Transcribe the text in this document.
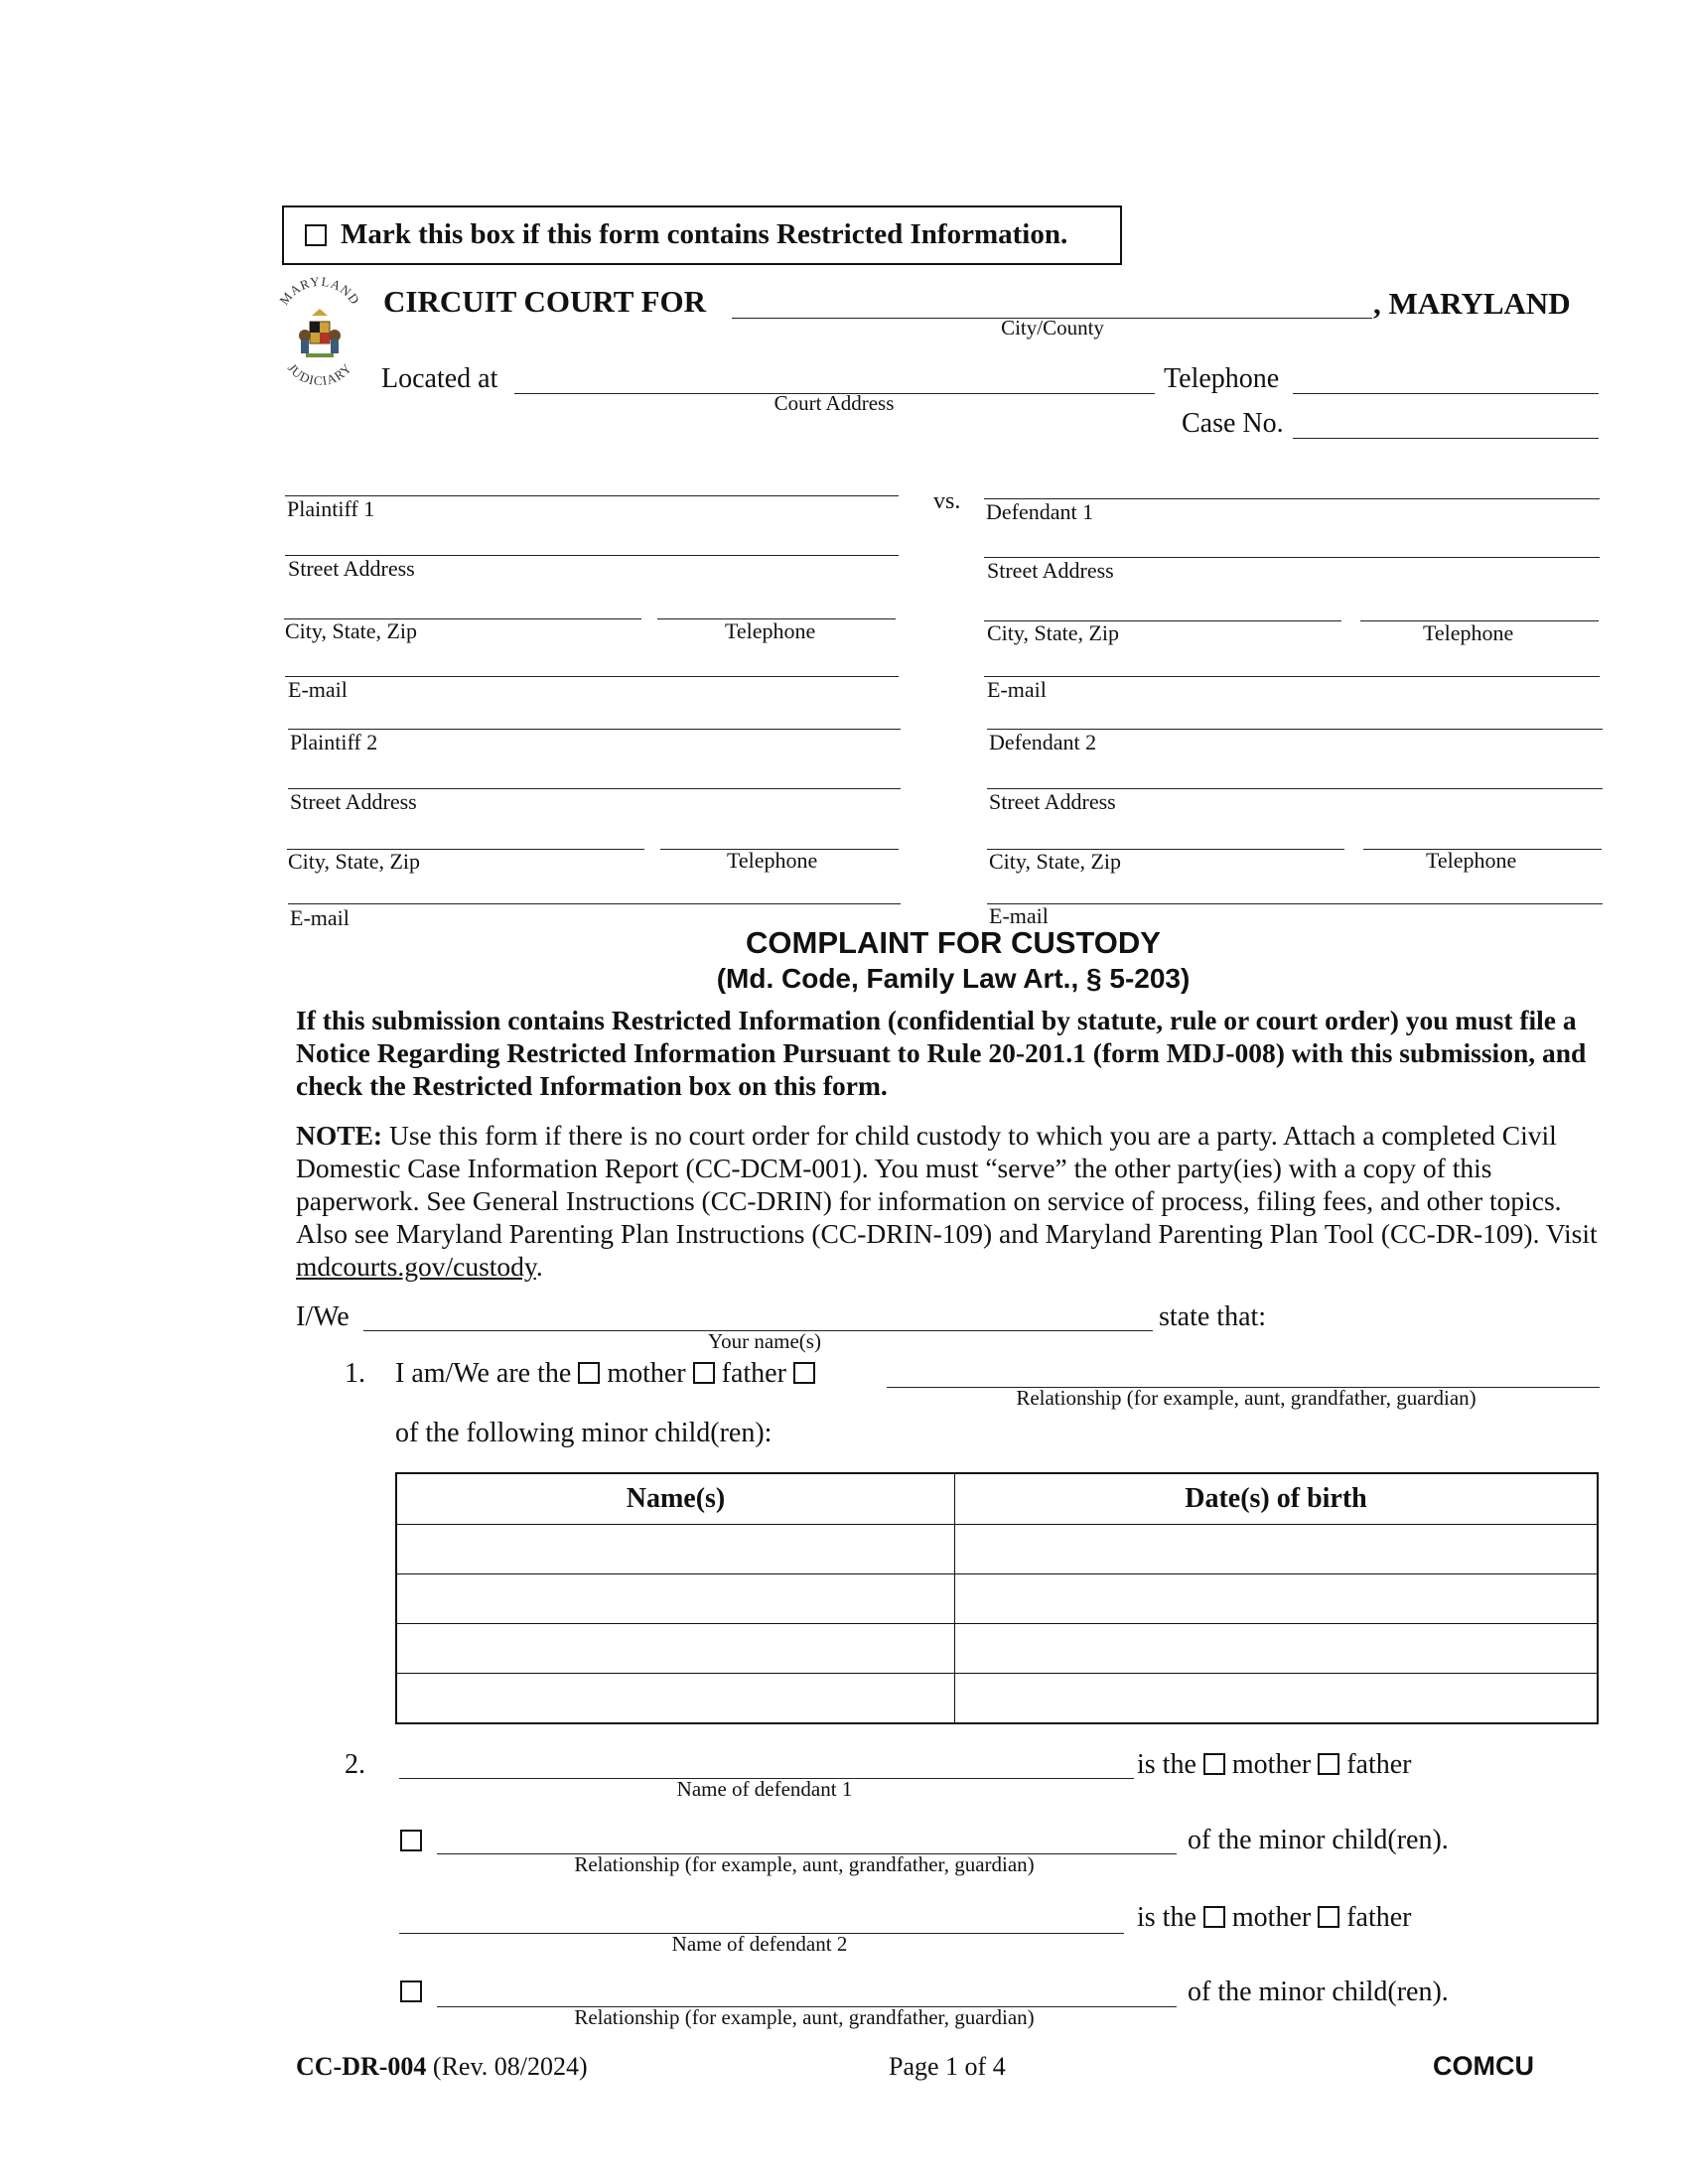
Mark this box if this form contains Restricted Information.
MARYLAND
JUDICIARY
CIRCUIT COURT FOR
City/County
, MARYLAND
Located at
Court Address
Telephone
Case No.
Plaintiff 1
Street Address
City, State, Zip	Telephone
E-mail
Plaintiff 2
Street Address
City, State, Zip	Telephone
E-mail
vs. Defendant 1
Street Address
City, State, Zip	Telephone
E-mail
Defendant 2
Street Address
City, State, Zip	Telephone
E-mail
COMPLAINT FOR CUSTODY
(Md. Code, Family Law Art., § 5-203)
If this submission contains Restricted Information (confidential by statute, rule or court order) you must file a Notice Regarding Restricted Information Pursuant to Rule 20-201.1 (form MDJ-008) with this submission, and check the Restricted Information box on this form.
NOTE: Use this form if there is no court order for child custody to which you are a party. Attach a completed Civil Domestic Case Information Report (CC-DCM-001). You must “serve” the other party(ies) with a copy of this paperwork. See General Instructions (CC-DRIN) for information on service of process, filing fees, and other topics. Also see Maryland Parenting Plan Instructions (CC-DRIN-109) and Maryland Parenting Plan Tool (CC-DR-109). Visit mdcourts.gov/custody.
I/We
Your name(s)
state that:
1. I am/We are the mother father
Relationship (for example, aunt, grandfather, guardian)
of the following minor child(ren):
Name(s)	Date(s) of birth

2.
Name of defendant 1
is the mother father
Relationship (for example, aunt, grandfather, guardian)
of the minor child(ren).
Name of defendant 2
is the mother father
Relationship (for example, aunt, grandfather, guardian)
of the minor child(ren).
CC-DR-004 (Rev. 08/2024)	Page 1 of 4	COMCU
